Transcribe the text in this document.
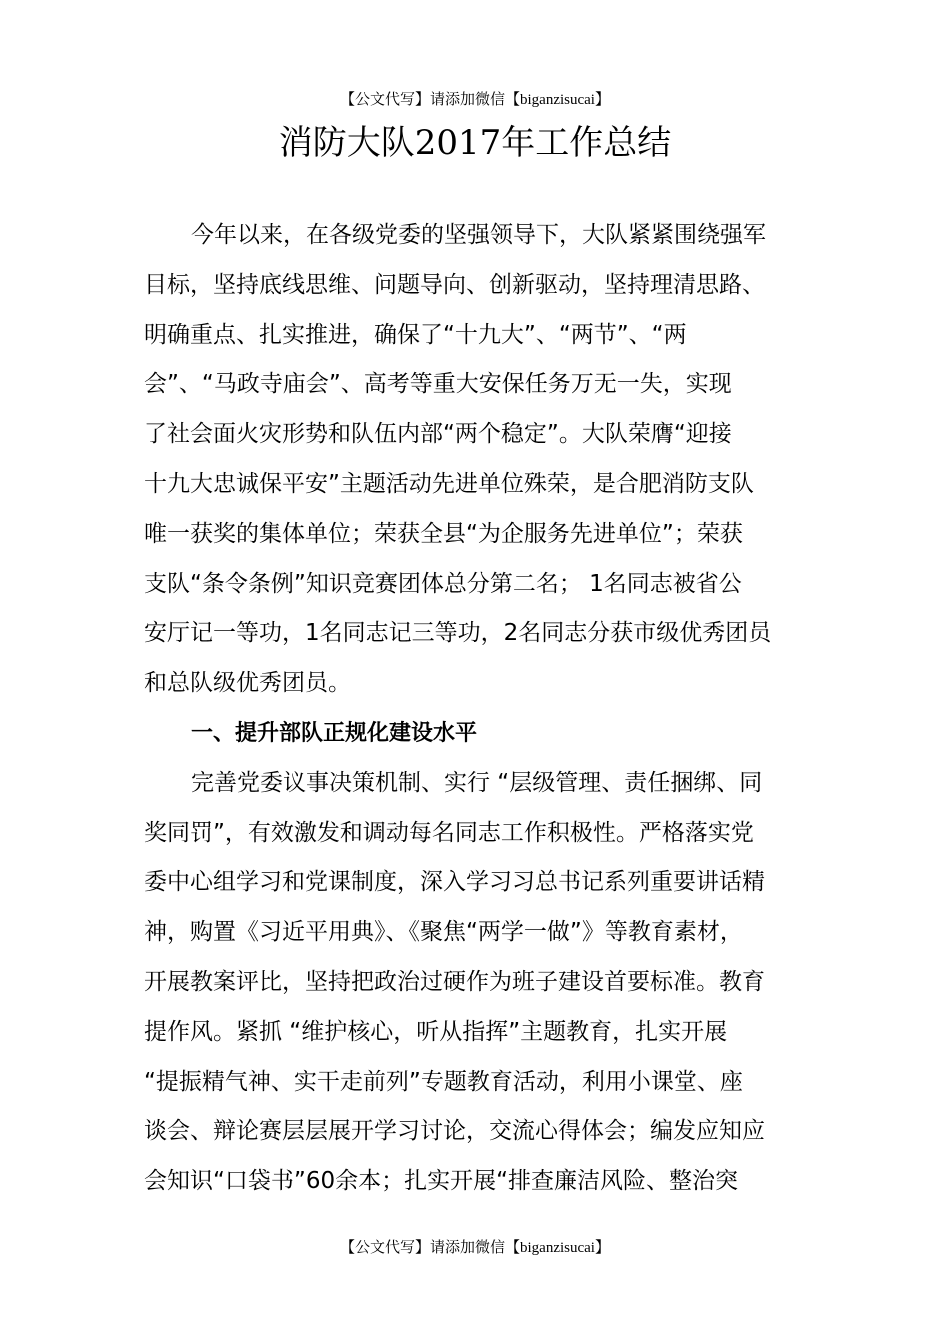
【公文代写】请添加微信【biganzisucai】
消防大队2017年工作总结
今年以来，在各级党委的坚强领导下，大队紧紧围绕强军
目标，坚持底线思维、问题导向、创新驱动，坚持理清思路、
明确重点、扎实推进，确保了“十九大”、“两节”、“两
会”、“马政寺庙会”、高考等重大安保任务万无一失，实现
了社会面火灾形势和队伍内部“两个稳定”。大队荣膺“迎接
十九大忠诚保平安”主题活动先进单位殊荣，是合肥消防支队
唯一获奖的集体单位；荣获全县“为企服务先进单位”；荣获
支队“条令条例”知识竞赛团体总分第二名； 1名同志被省公
安厅记一等功，1名同志记三等功，2名同志分获市级优秀团员
和总队级优秀团员。
一、提升部队正规化建设水平
完善党委议事决策机制、实行 “层级管理、责任捆绑、同
奖同罚”，有效激发和调动每名同志工作积极性。严格落实党
委中心组学习和党课制度，深入学习习总书记系列重要讲话精
神，购置《习近平用典》、《聚焦“两学一做”》等教育素材，
开展教案评比，坚持把政治过硬作为班子建设首要标准。教育
提作风。紧抓 “维护核心，听从指挥”主题教育，扎实开展
“提振精气神、实干走前列”专题教育活动，利用小课堂、座
谈会、辩论赛层层展开学习讨论，交流心得体会；编发应知应
会知识“口袋书”60余本；扎实开展“排查廉洁风险、整治突
【公文代写】请添加微信【biganzisucai】
